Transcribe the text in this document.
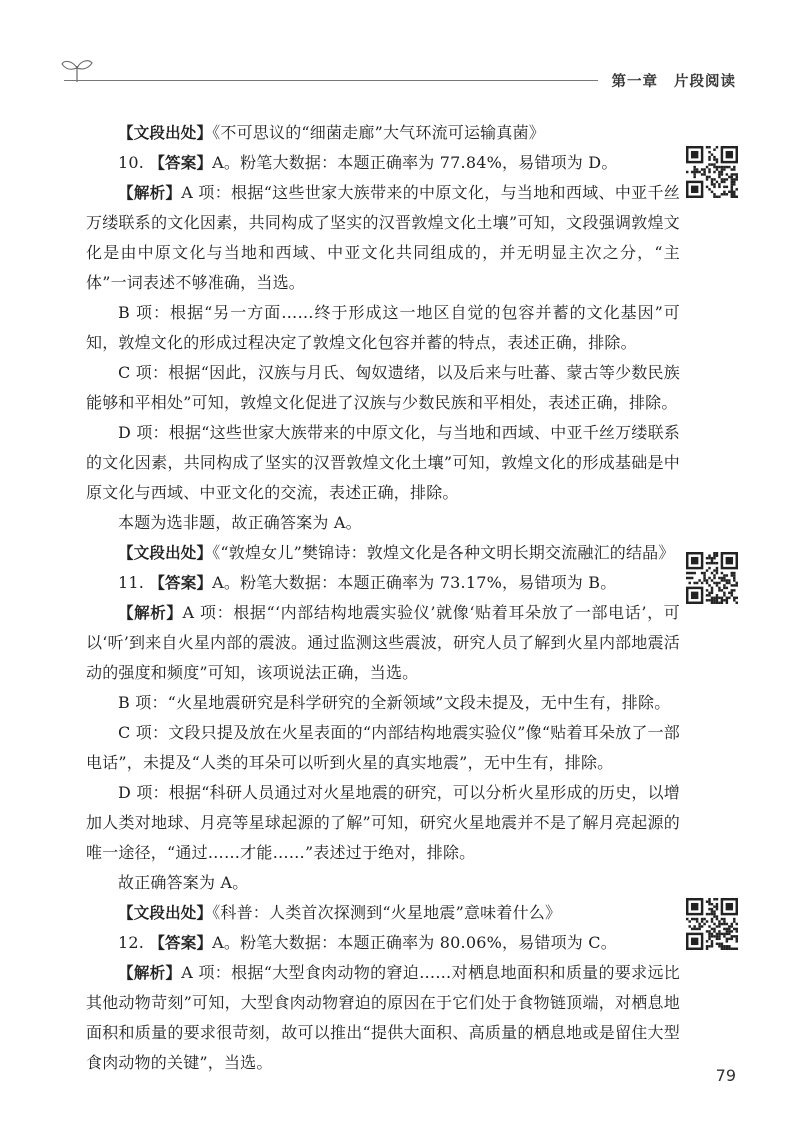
第一章 片段阅读

【文段出处】《不可思议的“细菌走廊”大气环流可运输真菌》

10. 【答案】A。粉笔大数据：本题正确率为 77.84%，易错项为 D。

【解析】A 项：根据“这些世家大族带来的中原文化，与当地和西域、中亚千丝万缕联系的文化因素，共同构成了坚实的汉晋敦煌文化土壤”可知，文段强调敦煌文化是由中原文化与当地和西域、中亚文化共同组成的，并无明显主次之分，“主体”一词表述不够准确，当选。

B 项：根据“另一方面……终于形成这一地区自觉的包容并蓄的文化基因”可知，敦煌文化的形成过程决定了敦煌文化包容并蓄的特点，表述正确，排除。

C 项：根据“因此，汉族与月氏、匈奴遗绪，以及后来与吐蕃、蒙古等少数民族能够和平相处”可知，敦煌文化促进了汉族与少数民族和平相处，表述正确，排除。

D 项：根据“这些世家大族带来的中原文化，与当地和西域、中亚千丝万缕联系的文化因素，共同构成了坚实的汉晋敦煌文化土壤”可知，敦煌文化的形成基础是中原文化与西域、中亚文化的交流，表述正确，排除。

本题为选非题，故正确答案为 A。

【文段出处】《“敦煌女儿”樊锦诗：敦煌文化是各种文明长期交流融汇的结晶》

11. 【答案】A。粉笔大数据：本题正确率为 73.17%，易错项为 B。

【解析】A 项：根据“‘内部结构地震实验仪’就像‘贴着耳朵放了一部电话’，可以‘听’到来自火星内部的震波。通过监测这些震波，研究人员了解到火星内部地震活动的强度和频度”可知，该项说法正确，当选。

B 项：“火星地震研究是科学研究的全新领域”文段未提及，无中生有，排除。

C 项：文段只提及放在火星表面的“内部结构地震实验仪”像“贴着耳朵放了一部电话”，未提及“人类的耳朵可以听到火星的真实地震”，无中生有，排除。

D 项：根据“科研人员通过对火星地震的研究，可以分析火星形成的历史，以增加人类对地球、月亮等星球起源的了解”可知，研究火星地震并不是了解月亮起源的唯一途径，“通过……才能……”表述过于绝对，排除。

故正确答案为 A。

【文段出处】《科普：人类首次探测到“火星地震”意味着什么》

12. 【答案】A。粉笔大数据：本题正确率为 80.06%，易错项为 C。

【解析】A 项：根据“大型食肉动物的窘迫……对栖息地面积和质量的要求远比其他动物苛刻”可知，大型食肉动物窘迫的原因在于它们处于食物链顶端，对栖息地面积和质量的要求很苛刻，故可以推出“提供大面积、高质量的栖息地或是留住大型食肉动物的关键”，当选。

79
